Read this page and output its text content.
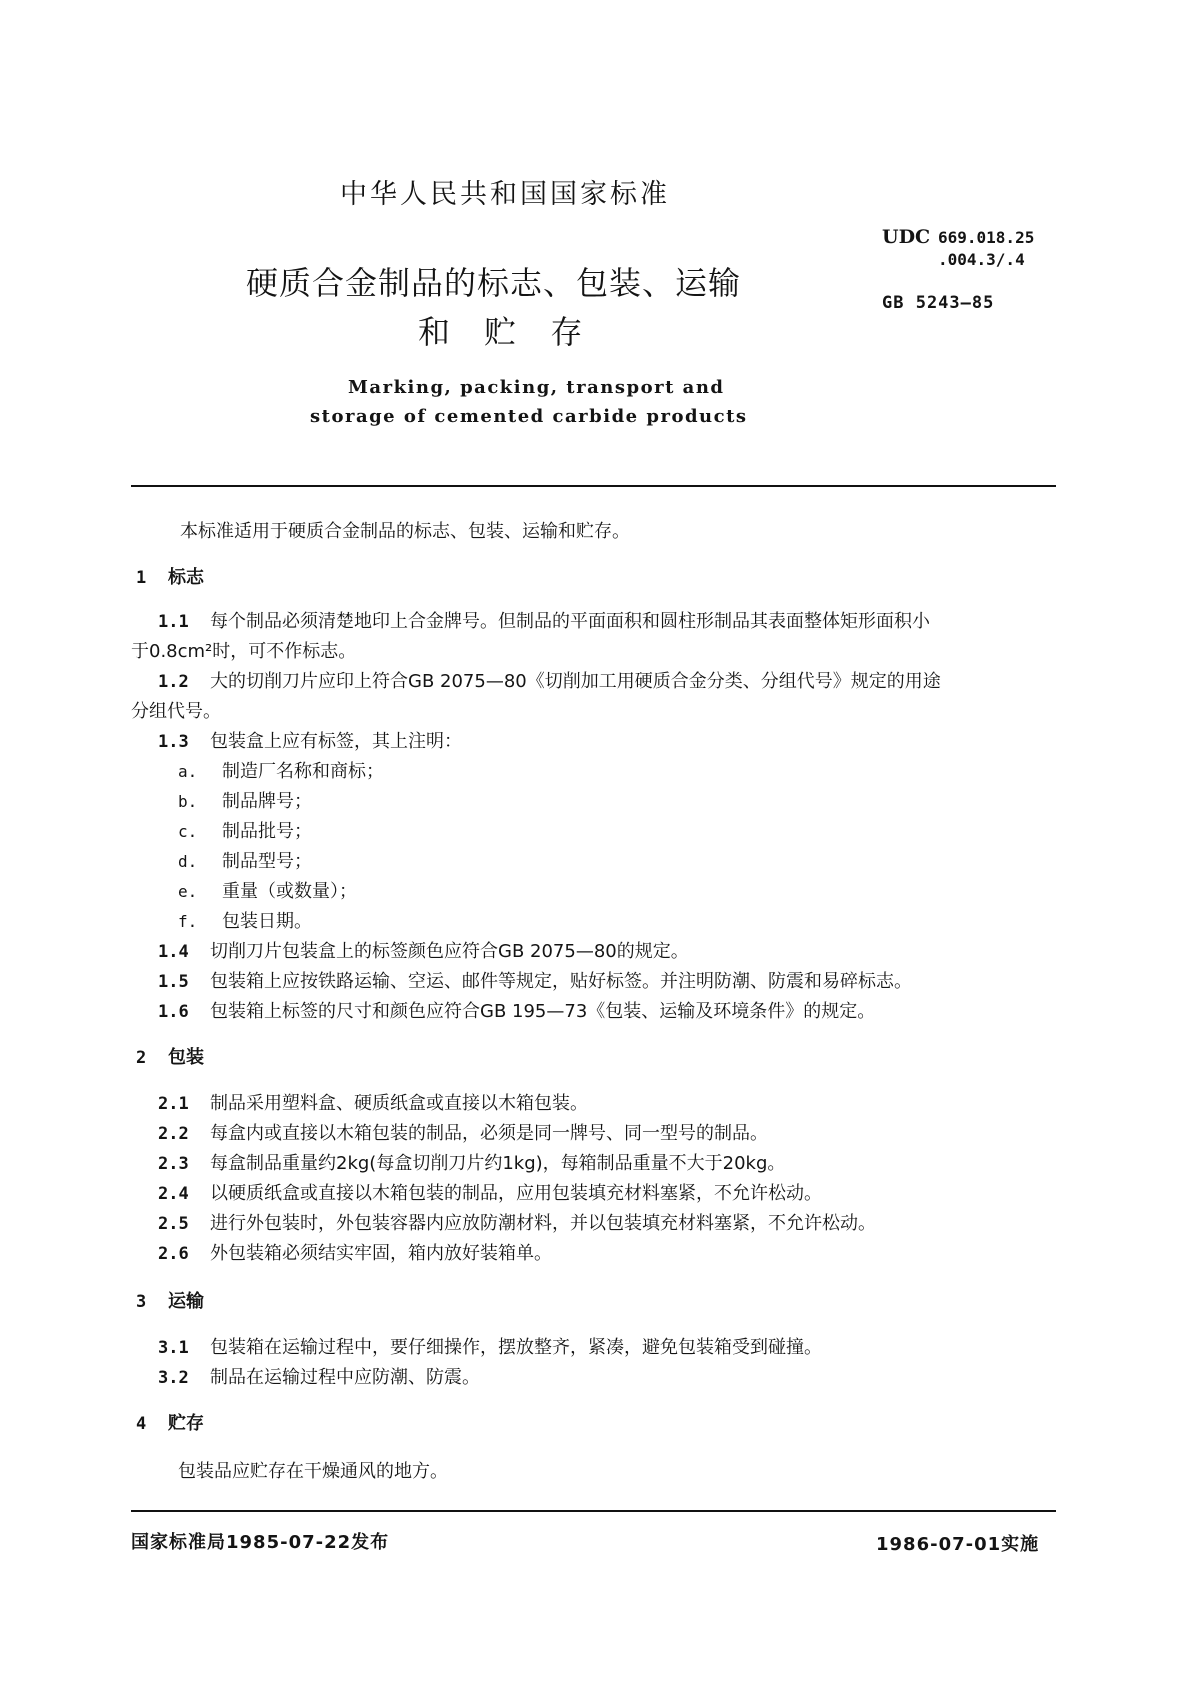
中华人民共和国国家标准
硬质合金制品的标志、包装、运输
和 贮 存
UDC 669.018.25
.004.3/.4
GB 5243—85
Marking, packing, transport and
storage of cemented carbide products
本标准适用于硬质合金制品的标志、包装、运输和贮存。
1 标志
1.1 每个制品必须清楚地印上合金牌号。但制品的平面面积和圆柱形制品其表面整体矩形面积小
于0.8cm²时，可不作标志。
1.2 大的切削刀片应印上符合GB 2075—80《切削加工用硬质合金分类、分组代号》规定的用途
分组代号。
1.3 包装盒上应有标签，其上注明：
a. 制造厂名称和商标；
b. 制品牌号；
c. 制品批号；
d. 制品型号；
e. 重量（或数量）；
f. 包装日期。
1.4 切削刀片包装盒上的标签颜色应符合GB 2075—80的规定。
1.5 包装箱上应按铁路运输、空运、邮件等规定，贴好标签。并注明防潮、防震和易碎标志。
1.6 包装箱上标签的尺寸和颜色应符合GB 195—73《包装、运输及环境条件》的规定。
2 包装
2.1 制品采用塑料盒、硬质纸盒或直接以木箱包装。
2.2 每盒内或直接以木箱包装的制品，必须是同一牌号、同一型号的制品。
2.3 每盒制品重量约2kg(每盒切削刀片约1kg)，每箱制品重量不大于20kg。
2.4 以硬质纸盒或直接以木箱包装的制品，应用包装填充材料塞紧，不允许松动。
2.5 进行外包装时，外包装容器内应放防潮材料，并以包装填充材料塞紧，不允许松动。
2.6 外包装箱必须结实牢固，箱内放好装箱单。
3 运输
3.1 包装箱在运输过程中，要仔细操作，摆放整齐，紧凑，避免包装箱受到碰撞。
3.2 制品在运输过程中应防潮、防震。
4 贮存
包装品应贮存在干燥通风的地方。
国家标准局1985-07-22发布	1986-07-01实施
